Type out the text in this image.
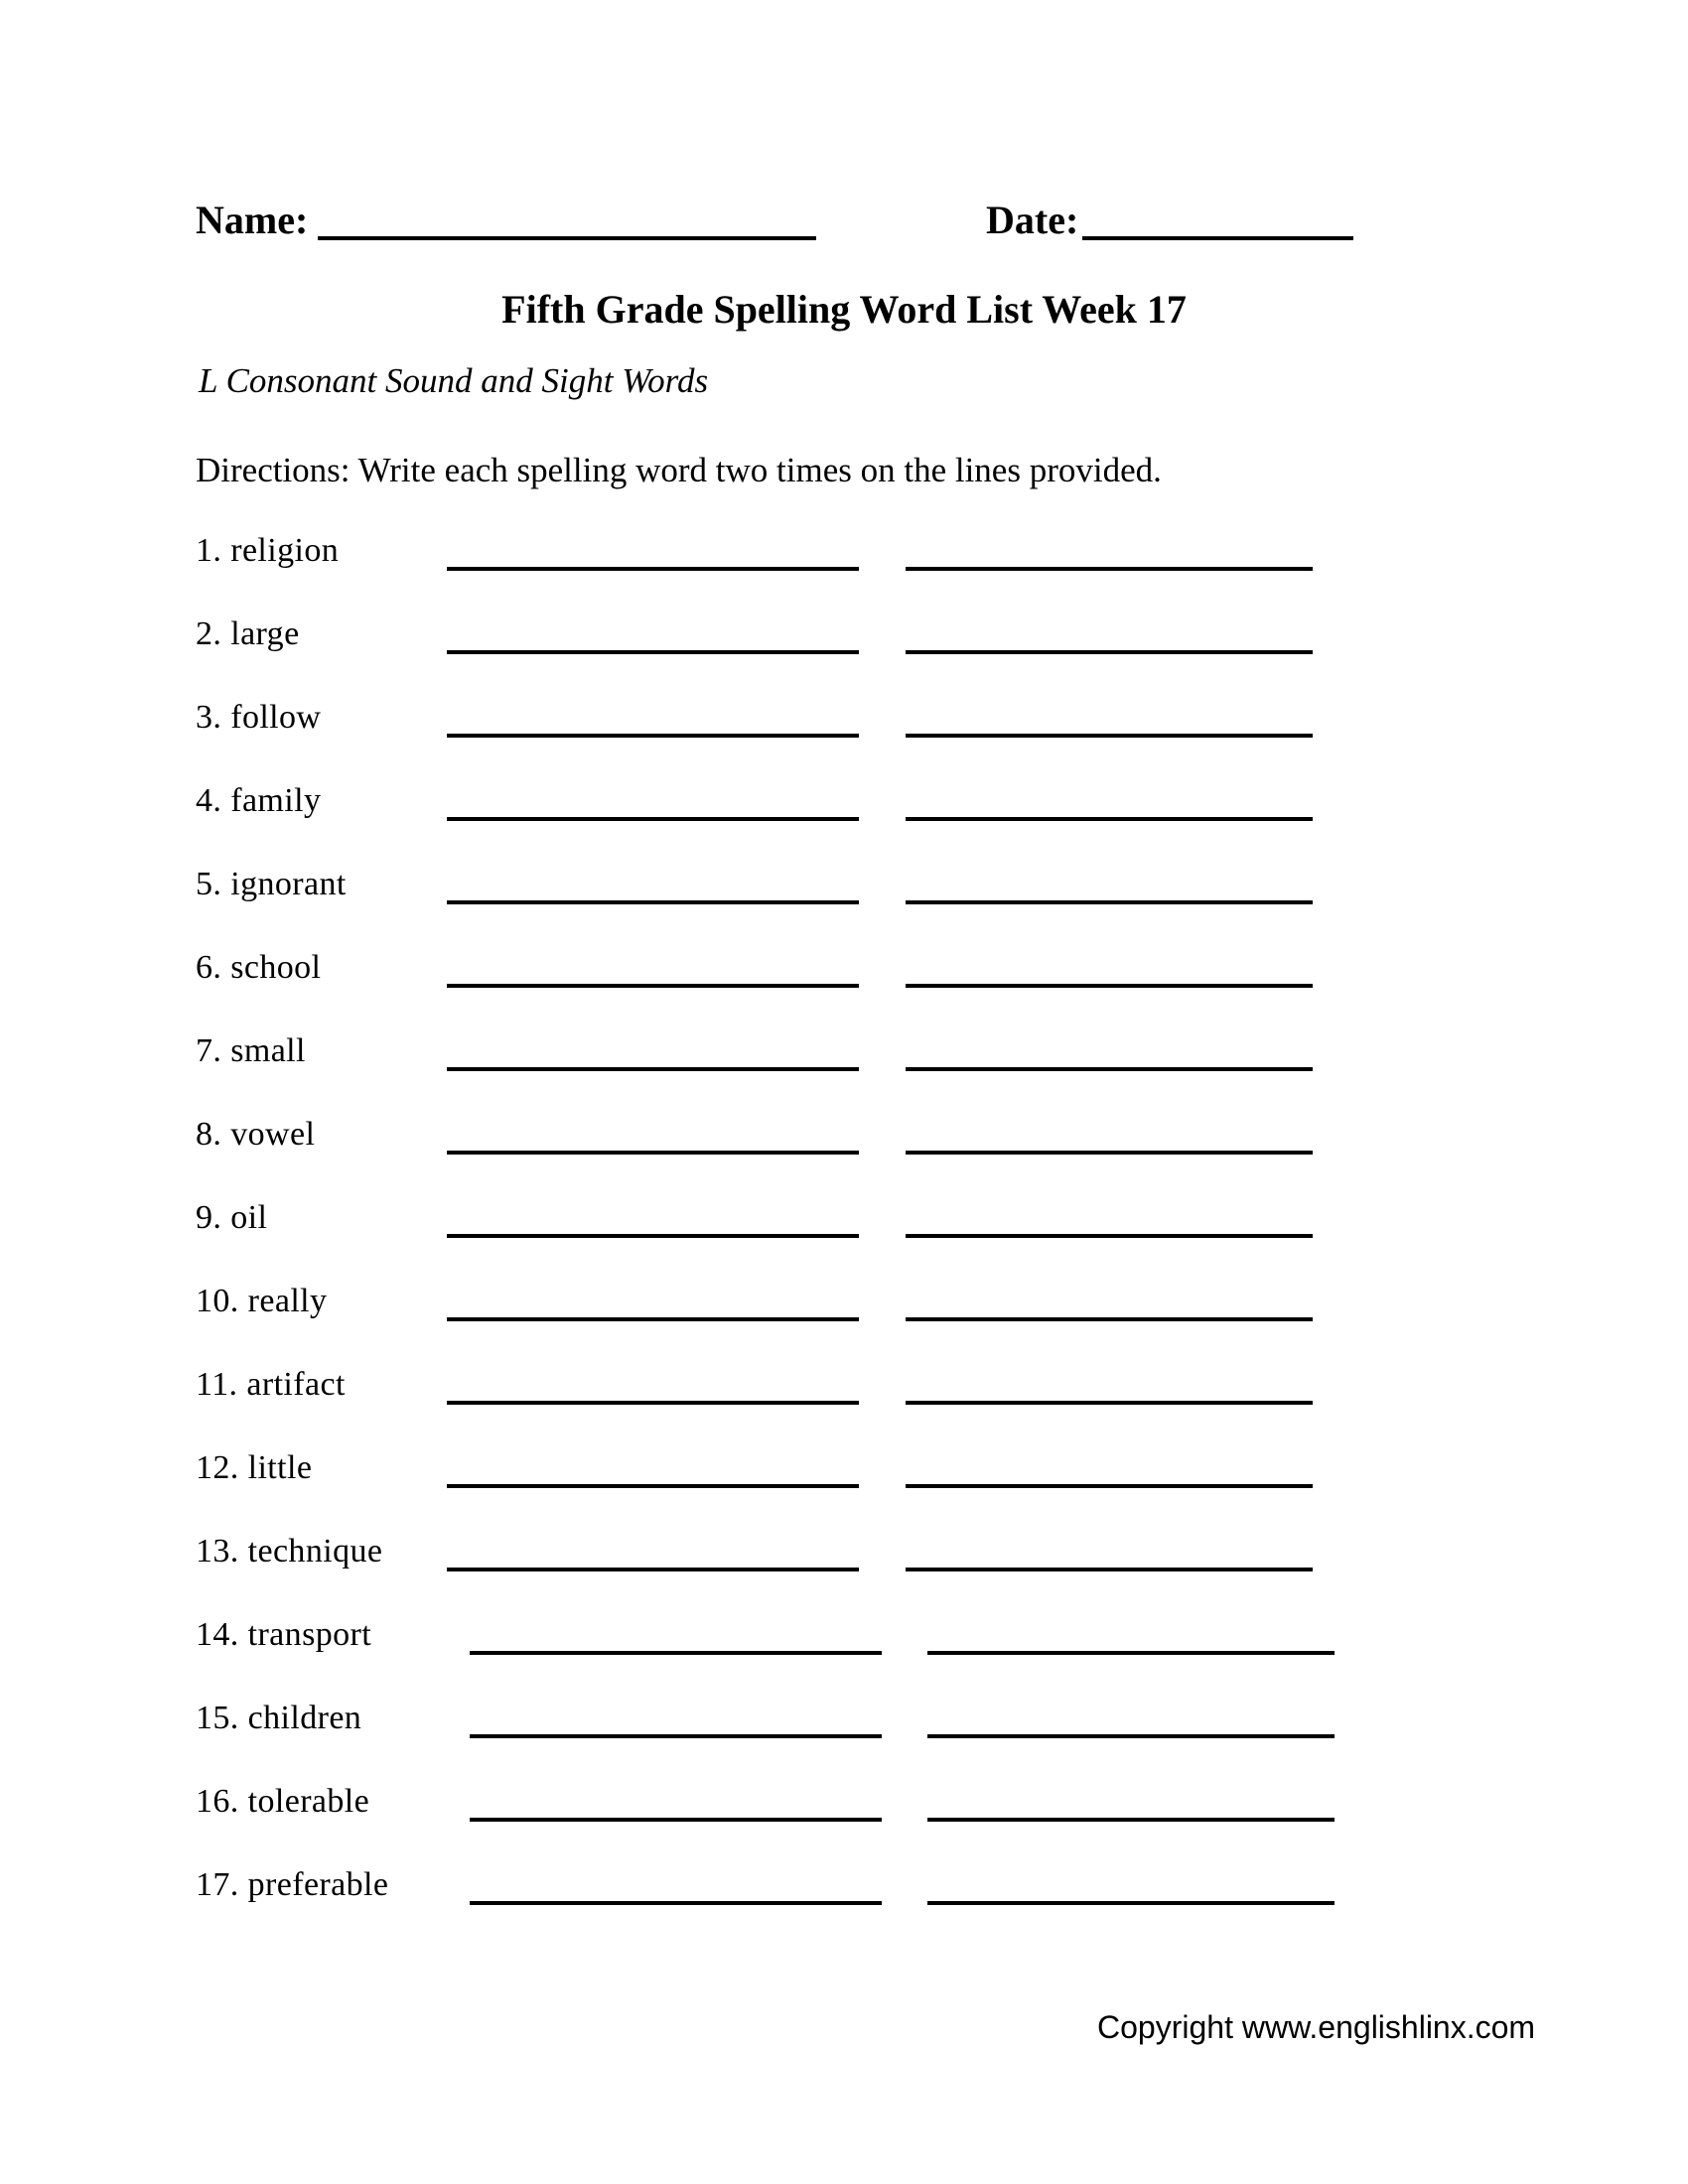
Name:	Date:
Fifth Grade Spelling Word List Week 17
L Consonant Sound and Sight Words
Directions: Write each spelling word two times on the lines provided.
1. religion
2. large
3. follow
4. family
5. ignorant
6. school
7. small
8. vowel
9. oil
10. really
11. artifact
12. little
13. technique
14. transport
15. children
16. tolerable
17. preferable
Copyright www.englishlinx.com
